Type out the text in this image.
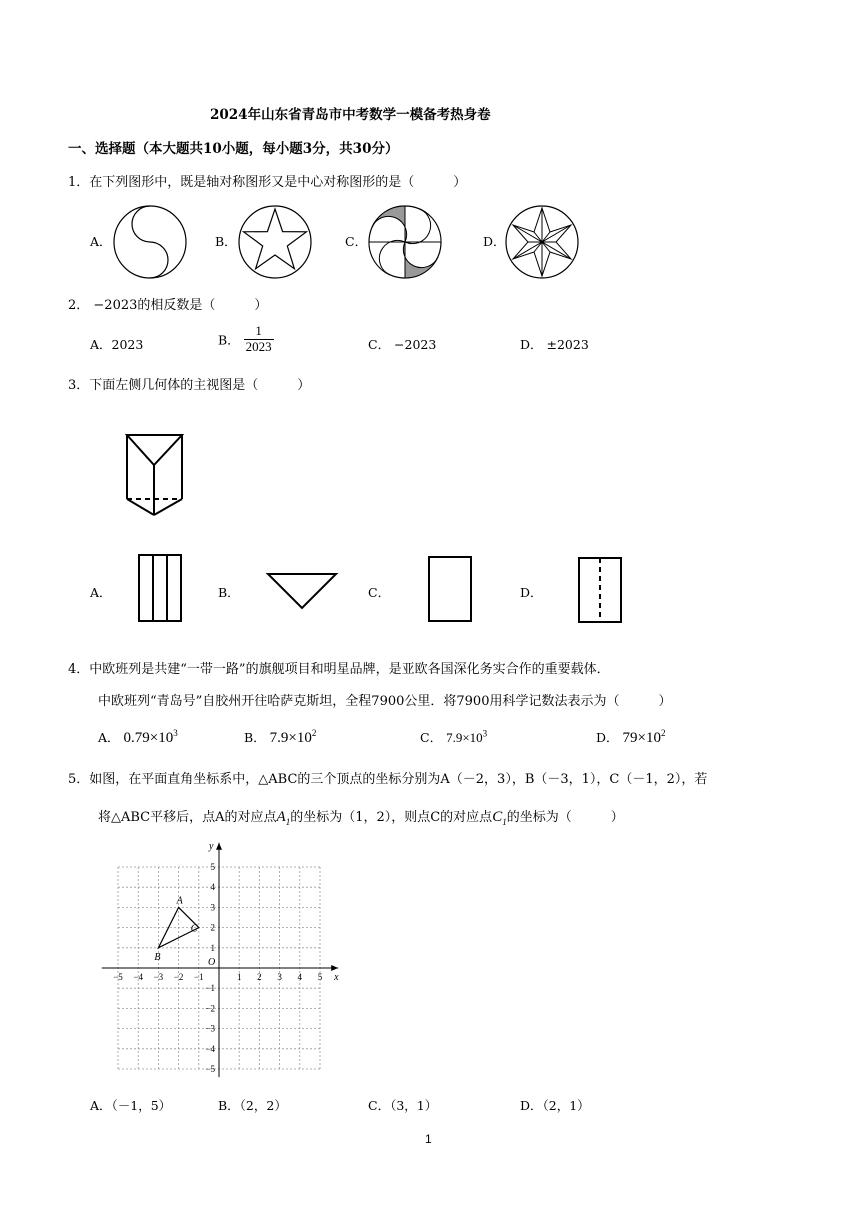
2024年山东省青岛市中考数学一模备考热身卷
一、选择题（本大题共10小题，每小题3分，共30分）
1．在下列图形中，既是轴对称图形又是中心对称图形的是（　　　）
A．	B．	C．	D．
2． −2023的相反数是（　　　）
A．2023	B． $\frac{1}{2023}$	C． −2023	D． ±2023
3．下面左侧几何体的主视图是（　　　）
A．	B．	C．	D．
4．中欧班列是共建“一带一路”的旗舰项目和明星品牌，是亚欧各国深化务实合作的重要载体．
中欧班列“青岛号”自胶州开往哈萨克斯坦，全程7900公里．将7900用科学记数法表示为（　　　）
A． $0.79\times 10^3$	B． $7.9\times 10^2$	C． $7.9\times 10^3$	D． $79\times 10^2$
5．如图，在平面直角坐标系中，△ABC的三个顶点的坐标分别为A（－2，3），B（－3，1），C（－1，2），若
将△ABC平移后，点A的对应点$A_1$的坐标为（1，2），则点C的对应点$C_1$的坐标为（　　　）
x
y
O
−5 −4 −3 −2 −1	1 2 3 4 5
5
4
3
2
1
−1
−2
−3
−4
−5
A
B
C
A．（－1，5）	B．（2，2）	C．（3，1）	D．（2，1）
1
